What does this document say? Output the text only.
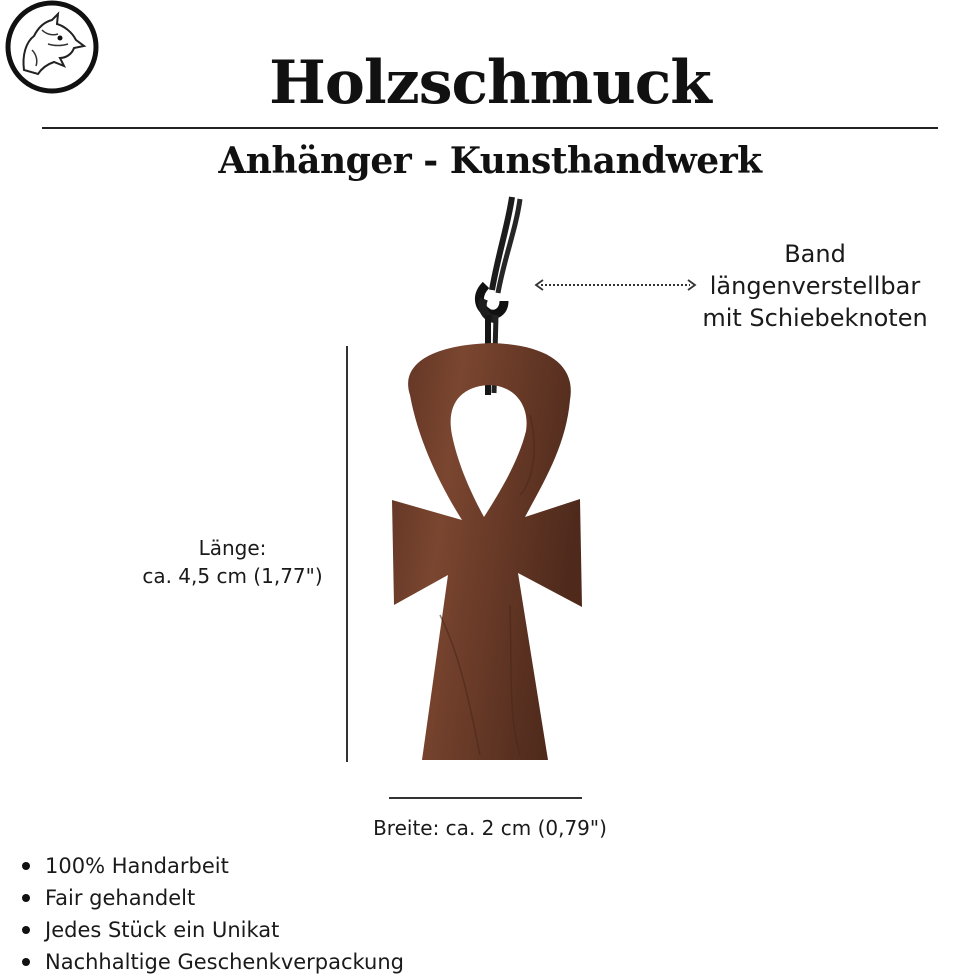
Holzschmuck
Anhänger - Kunsthandwerk
Band
längenverstellbar
mit Schiebeknoten
Länge:
ca. 4,5 cm (1,77")
Breite: ca. 2 cm (0,79")
100% Handarbeit
Fair gehandelt
Jedes Stück ein Unikat
Nachhaltige Geschenkverpackung
